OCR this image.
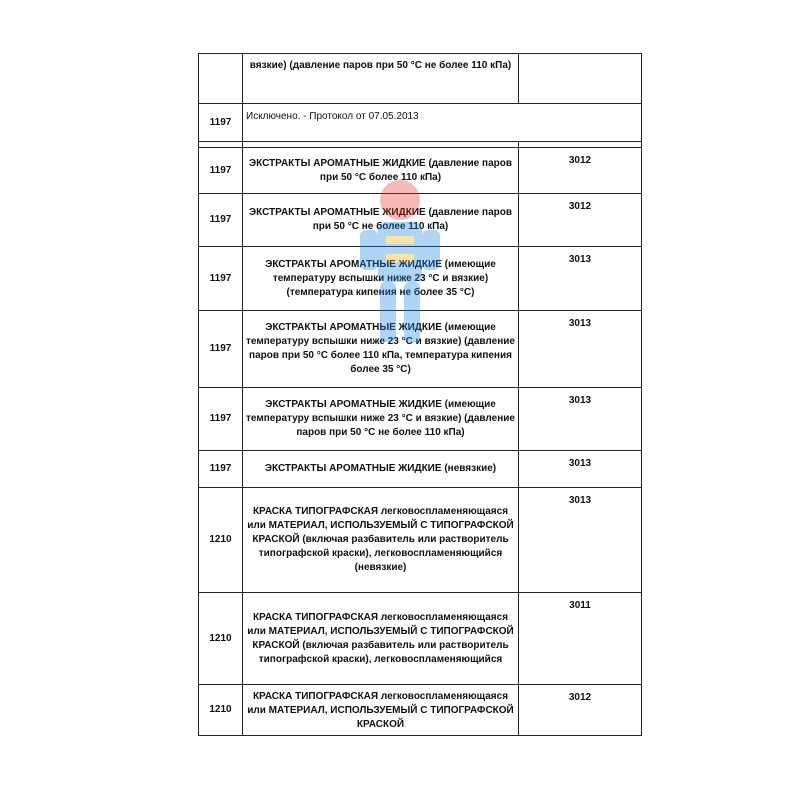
	вязкие) (давление паров при 50 °С не более 110 кПа)	
1197	Исключено. - Протокол от 07.05.2013	

1197	ЭКСТРАКТЫ АРОМАТНЫЕ ЖИДКИЕ (давление паров при 50 °С более 110 кПа)	3012
1197	ЭКСТРАКТЫ АРОМАТНЫЕ ЖИДКИЕ (давление паров при 50 °С не более 110 кПа)	3012
1197	ЭКСТРАКТЫ АРОМАТНЫЕ ЖИДКИЕ (имеющие температуру вспышки ниже 23 °С и вязкие) (температура кипения не более 35 °С)	3013
1197	ЭКСТРАКТЫ АРОМАТНЫЕ ЖИДКИЕ (имеющие температуру вспышки ниже 23 °С и вязкие) (давление паров при 50 °С более 110 кПа, температура кипения более 35 °С)	3013
1197	ЭКСТРАКТЫ АРОМАТНЫЕ ЖИДКИЕ (имеющие температуру вспышки ниже 23 °С и вязкие) (давление паров при 50 °С не более 110 кПа)	3013
1197	ЭКСТРАКТЫ АРОМАТНЫЕ ЖИДКИЕ (невязкие)	3013
1210	КРАСКА ТИПОГРАФСКАЯ легковоспламеняющаяся или МАТЕРИАЛ, ИСПОЛЬЗУЕМЫЙ С ТИПОГРАФСКОЙ КРАСКОЙ (включая разбавитель или растворитель типографской краски), легковоспламеняющийся (невязкие)	3013
1210	КРАСКА ТИПОГРАФСКАЯ легковоспламеняющаяся или МАТЕРИАЛ, ИСПОЛЬЗУЕМЫЙ С ТИПОГРАФСКОЙ КРАСКОЙ (включая разбавитель или растворитель типографской краски), легковоспламеняющийся	3011
1210	КРАСКА ТИПОГРАФСКАЯ легковоспламеняющаяся или МАТЕРИАЛ, ИСПОЛЬЗУЕМЫЙ С ТИПОГРАФСКОЙ КРАСКОЙ	3012
